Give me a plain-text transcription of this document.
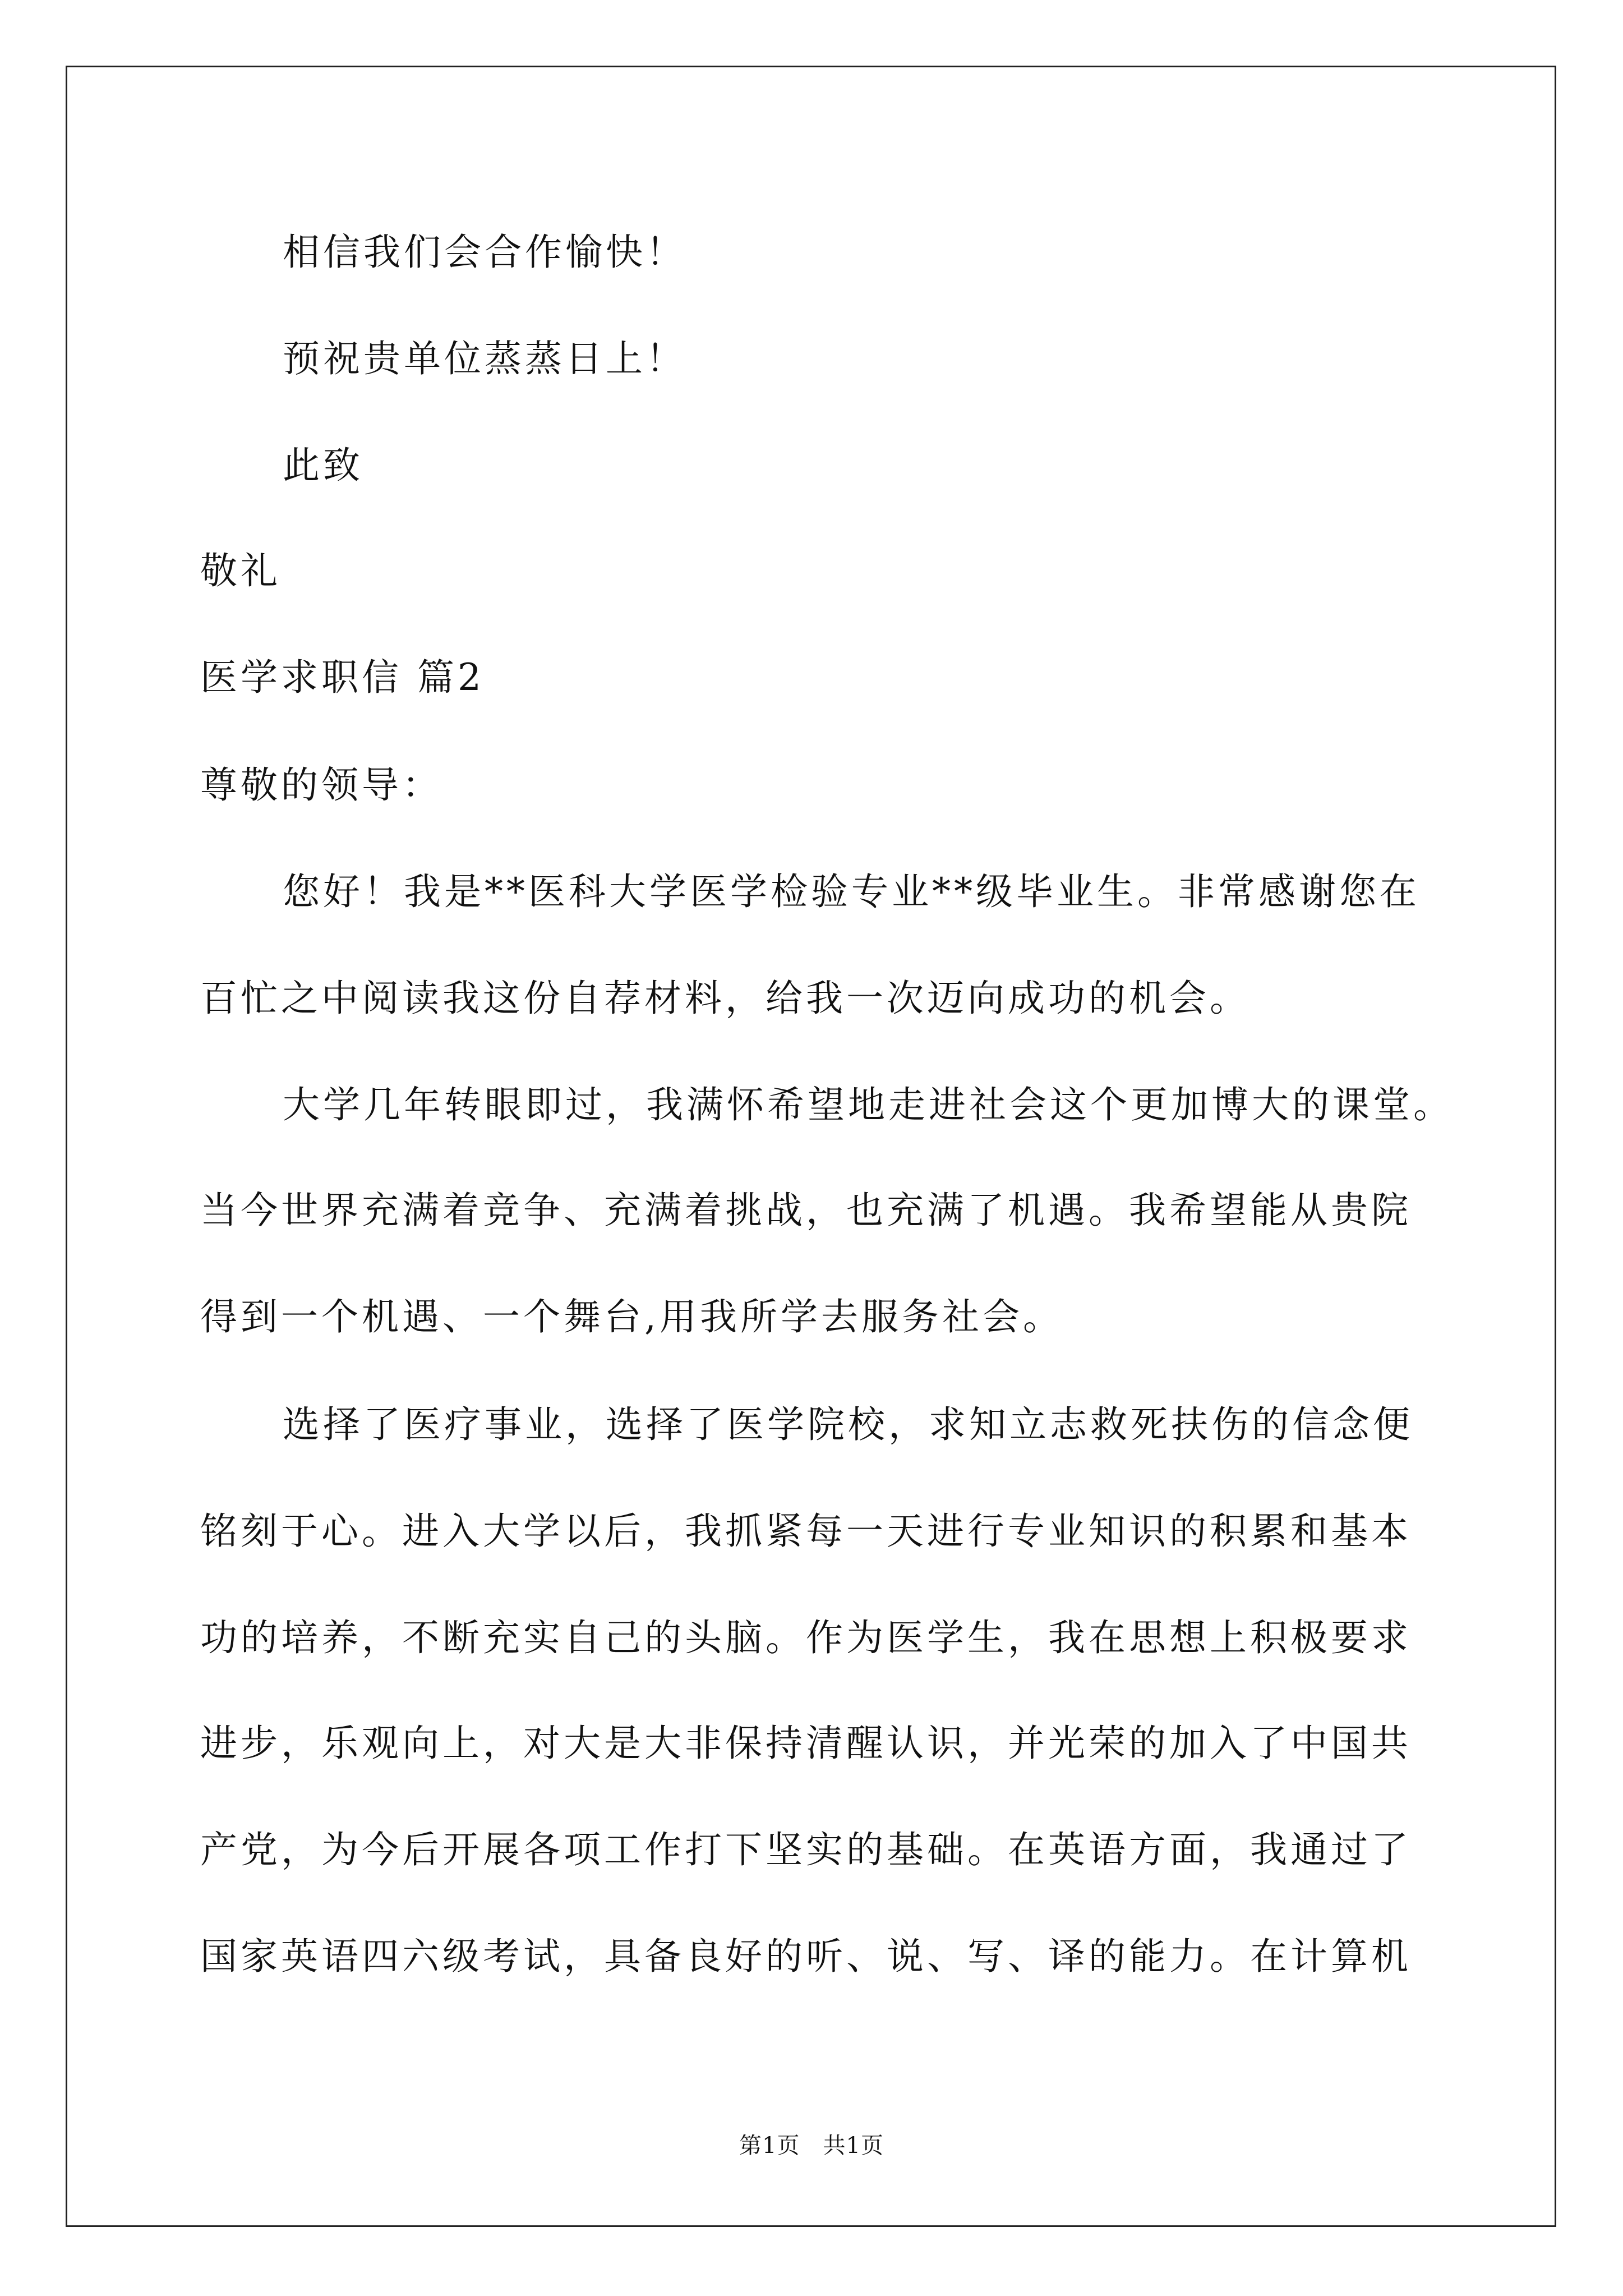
相信我们会合作愉快！
预祝贵单位蒸蒸日上！
此致
敬礼
医学求职信 篇2
尊敬的领导：
您好！我是**医科大学医学检验专业**级毕业生。非常感谢您在
百忙之中阅读我这份自荐材料，给我一次迈向成功的机会。
大学几年转眼即过，我满怀希望地走进社会这个更加博大的课堂。
当今世界充满着竞争、充满着挑战，也充满了机遇。我希望能从贵院
得到一个机遇、一个舞台,用我所学去服务社会。
选择了医疗事业，选择了医学院校，求知立志救死扶伤的信念便
铭刻于心。进入大学以后，我抓紧每一天进行专业知识的积累和基本
功的培养，不断充实自己的头脑。作为医学生，我在思想上积极要求
进步，乐观向上，对大是大非保持清醒认识，并光荣的加入了中国共
产党，为今后开展各项工作打下坚实的基础。在英语方面，我通过了
国家英语四六级考试，具备良好的听、说、写、译的能力。在计算机
第1页　共1页
